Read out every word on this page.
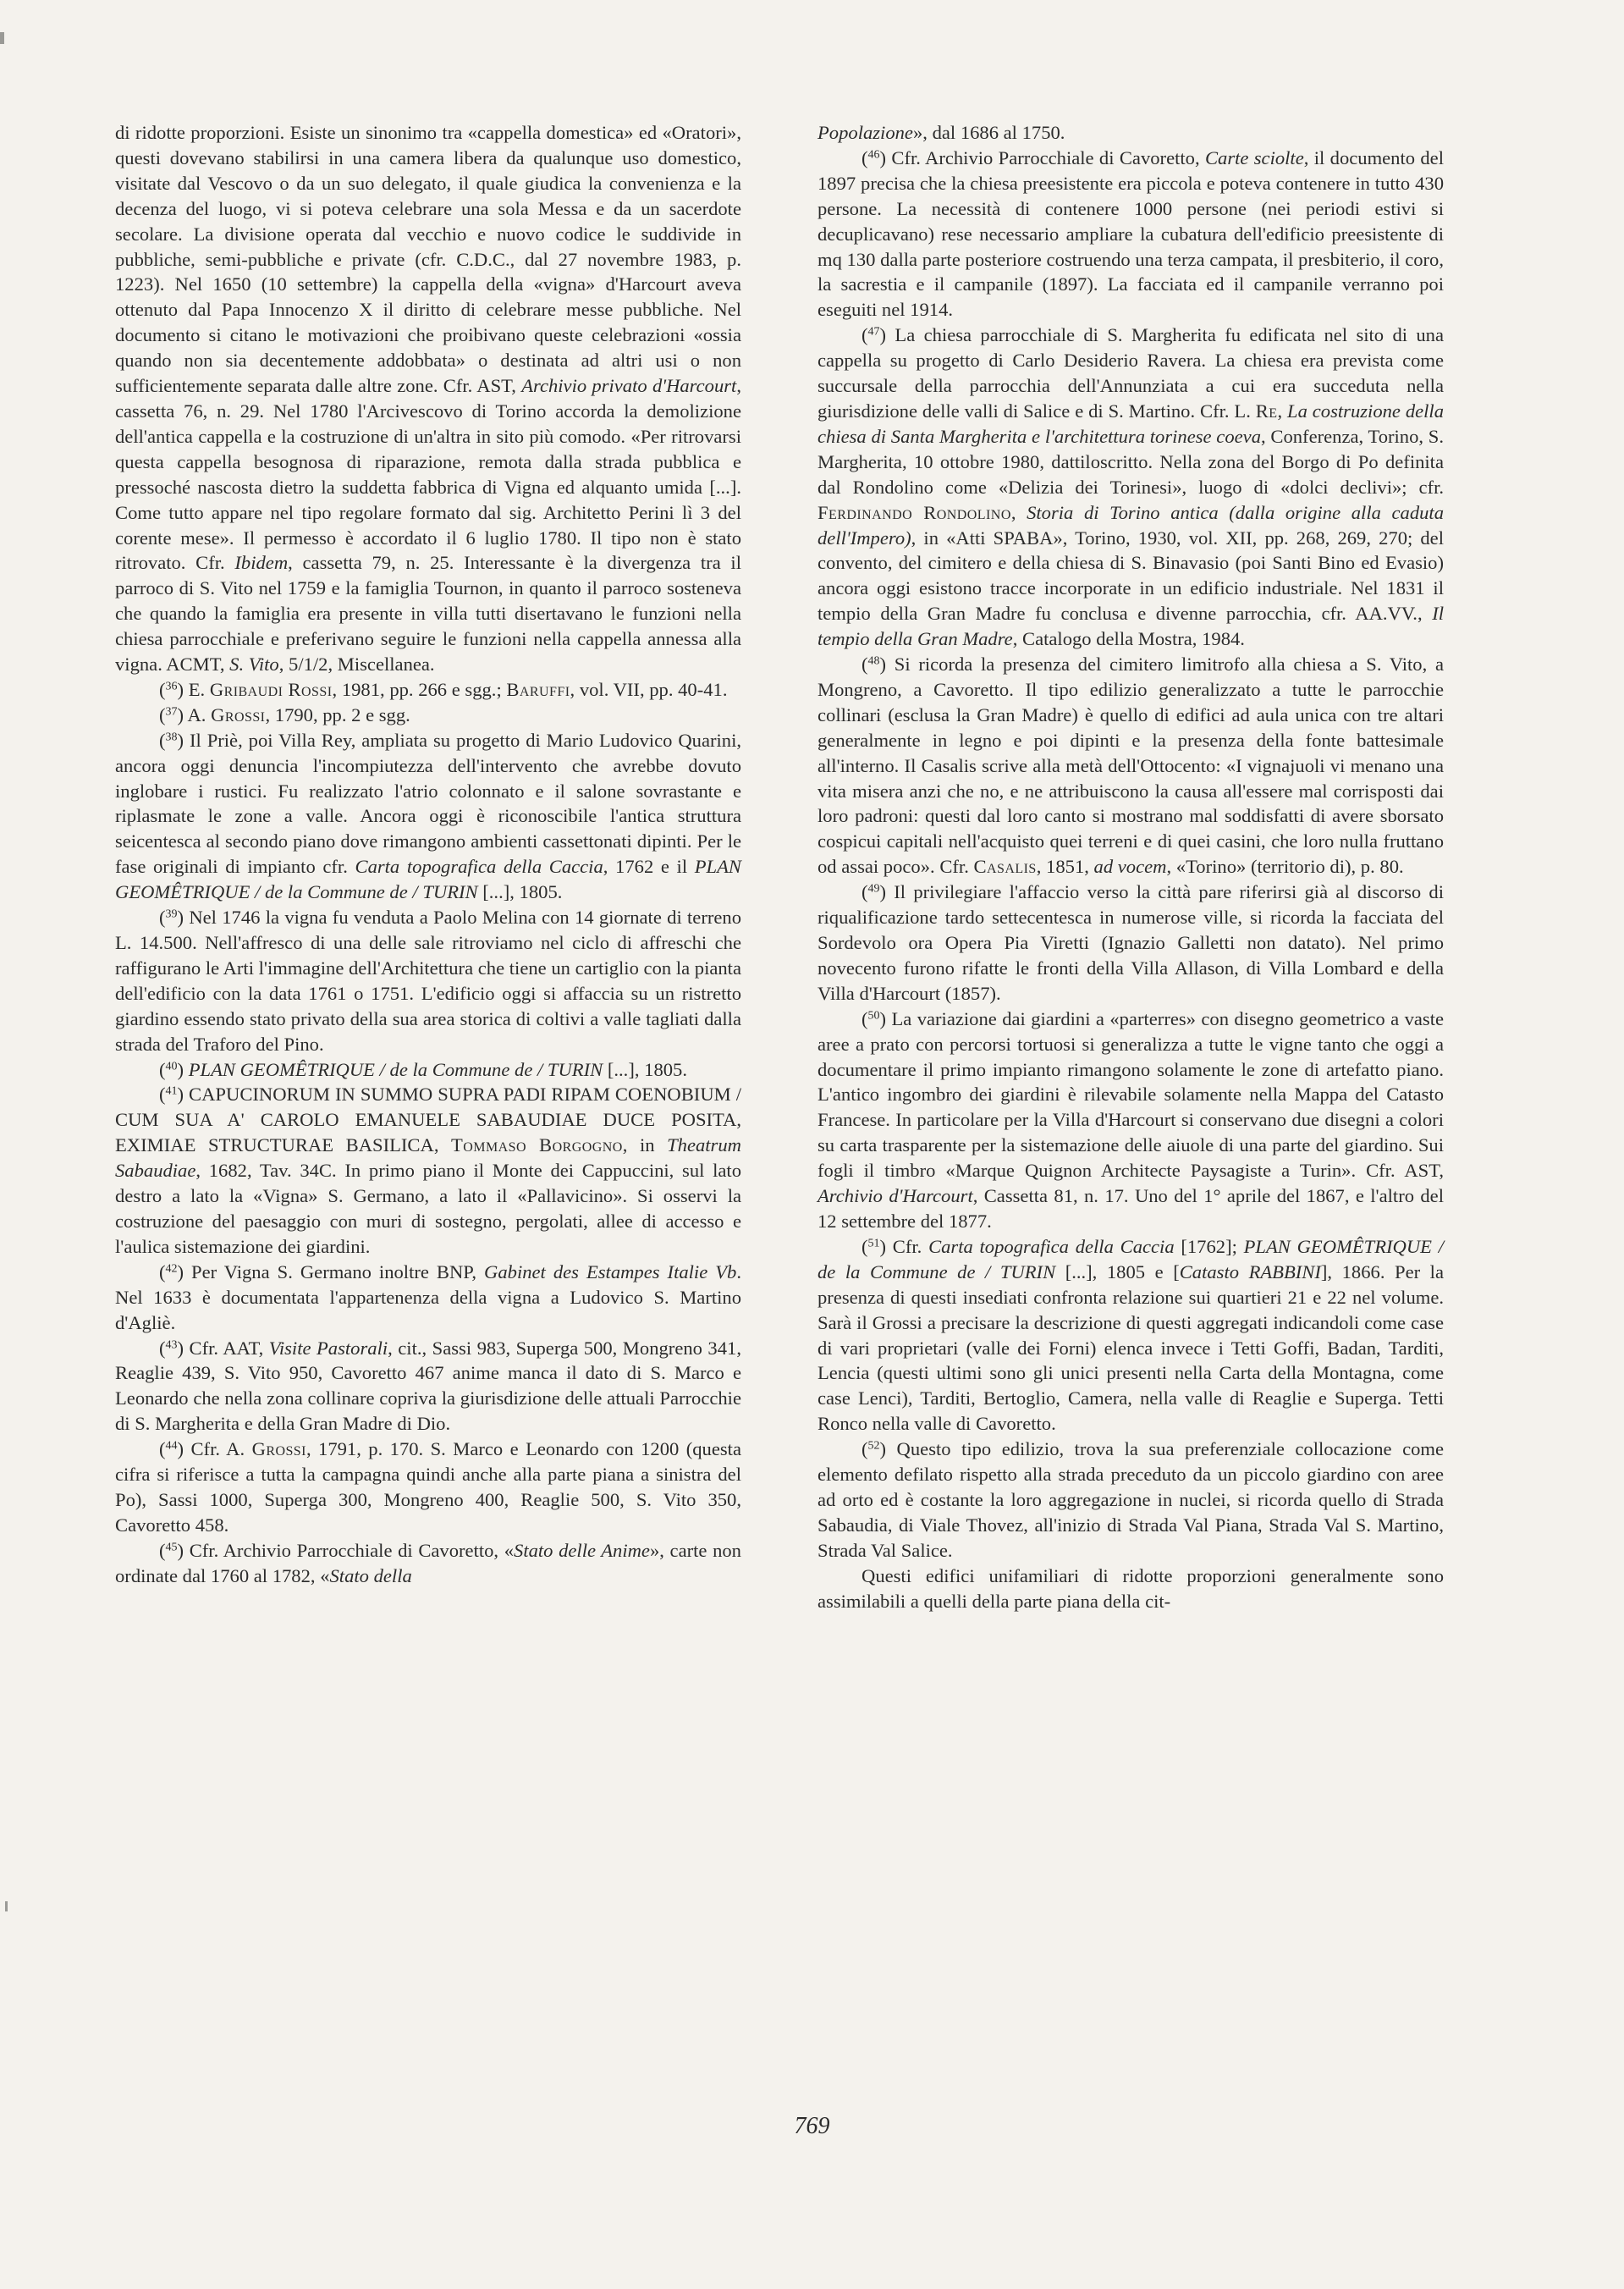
di ridotte proporzioni. Esiste un sinonimo tra «cappella domestica» ed «Oratori», questi dovevano stabilirsi in una camera libera da qualunque uso domestico, visitate dal Vescovo o da un suo delegato, il quale giudica la convenienza e la decenza del luogo, vi si poteva celebrare una sola Messa e da un sacerdote secolare. La divisione operata dal vecchio e nuovo codice le suddivide in pubbliche, semi-pubbliche e private (cfr. C.D.C., dal 27 novembre 1983, p. 1223). Nel 1650 (10 settembre) la cappella della «vigna» d'Harcourt aveva ottenuto dal Papa Innocenzo X il diritto di celebrare messe pubbliche. Nel documento si citano le motivazioni che proibivano queste celebrazioni «ossia quando non sia decentemente addobbata» o destinata ad altri usi o non sufficientemente separata dalle altre zone. Cfr. AST, Archivio privato d'Harcourt, cassetta 76, n. 29. Nel 1780 l'Arcivescovo di Torino accorda la demolizione dell'antica cappella e la costruzione di un'altra in sito più comodo. «Per ritrovarsi questa cappella besognosa di riparazione, remota dalla strada pubblica e pressoché nascosta dietro la suddetta fabbrica di Vigna ed alquanto umida [...]. Come tutto appare nel tipo regolare formato dal sig. Architetto Perini lì 3 del corente mese». Il permesso è accordato il 6 luglio 1780. Il tipo non è stato ritrovato. Cfr. Ibidem, cassetta 79, n. 25. Interessante è la divergenza tra il parroco di S. Vito nel 1759 e la famiglia Tournon, in quanto il parroco sosteneva che quando la famiglia era presente in villa tutti disertavano le funzioni nella chiesa parrocchiale e preferivano seguire le funzioni nella cappella annessa alla vigna. ACMT, S. Vito, 5/1/2, Miscellanea.

($^{36}$) E. Gribaudi Rossi, 1981, pp. 266 e sgg.; Baruffi, vol. VII, pp. 40-41.

($^{37}$) A. Grossi, 1790, pp. 2 e sgg.

($^{38}$) Il Priè, poi Villa Rey, ampliata su progetto di Mario Ludovico Quarini, ancora oggi denuncia l'incompiutezza dell'intervento che avrebbe dovuto inglobare i rustici. Fu realizzato l'atrio colonnato e il salone sovrastante e riplasmate le zone a valle. Ancora oggi è riconoscibile l'antica struttura seicentesca al secondo piano dove rimangono ambienti cassettonati dipinti. Per le fase originali di impianto cfr. Carta topografica della Caccia, 1762 e il PLAN GEOMÊTRIQUE / de la Commune de / TURIN [...], 1805.

($^{39}$) Nel 1746 la vigna fu venduta a Paolo Melina con 14 giornate di terreno L. 14.500. Nell'affresco di una delle sale ritroviamo nel ciclo di affreschi che raffigurano le Arti l'immagine dell'Architettura che tiene un cartiglio con la pianta dell'edificio con la data 1761 o 1751. L'edificio oggi si affaccia su un ristretto giardino essendo stato privato della sua area storica di coltivi a valle tagliati dalla strada del Traforo del Pino.

($^{40}$) PLAN GEOMÊTRIQUE / de la Commune de / TURIN [...], 1805.

($^{41}$) CAPUCINORUM IN SUMMO SUPRA PADI RIPAM COENOBIUM / CUM SUA A' CAROLO EMANUELE SABAUDIAE DUCE POSITA, EXIMIAE STRUCTURAE BASILICA, Tommaso Borgogno, in Theatrum Sabaudiae, 1682, Tav. 34C. In primo piano il Monte dei Cappuccini, sul lato destro a lato la «Vigna» S. Germano, a lato il «Pallavicino». Si osservi la costruzione del paesaggio con muri di sostegno, pergolati, allee di accesso e l'aulica sistemazione dei giardini.

($^{42}$) Per Vigna S. Germano inoltre BNP, Gabinet des Estampes Italie Vb. Nel 1633 è documentata l'appartenenza della vigna a Ludovico S. Martino d'Agliè.

($^{43}$) Cfr. AAT, Visite Pastorali, cit., Sassi 983, Superga 500, Mongreno 341, Reaglie 439, S. Vito 950, Cavoretto 467 anime manca il dato di S. Marco e Leonardo che nella zona collinare copriva la giurisdizione delle attuali Parrocchie di S. Margherita e della Gran Madre di Dio.

($^{44}$) Cfr. A. Grossi, 1791, p. 170. S. Marco e Leonardo con 1200 (questa cifra si riferisce a tutta la campagna quindi anche alla parte piana a sinistra del Po), Sassi 1000, Superga 300, Mongreno 400, Reaglie 500, S. Vito 350, Cavoretto 458.

($^{45}$) Cfr. Archivio Parrocchiale di Cavoretto, «Stato delle Anime», carte non ordinate dal 1760 al 1782, «Stato della

Popolazione», dal 1686 al 1750.

($^{46}$) Cfr. Archivio Parrocchiale di Cavoretto, Carte sciolte, il documento del 1897 precisa che la chiesa preesistente era piccola e poteva contenere in tutto 430 persone. La necessità di contenere 1000 persone (nei periodi estivi si decuplicavano) rese necessario ampliare la cubatura dell'edificio preesistente di mq 130 dalla parte posteriore costruendo una terza campata, il presbiterio, il coro, la sacrestia e il campanile (1897). La facciata ed il campanile verranno poi eseguiti nel 1914.

($^{47}$) La chiesa parrocchiale di S. Margherita fu edificata nel sito di una cappella su progetto di Carlo Desiderio Ravera. La chiesa era prevista come succursale della parrocchia dell'Annunziata a cui era succeduta nella giurisdizione delle valli di Salice e di S. Martino. Cfr. L. Re, La costruzione della chiesa di Santa Margherita e l'architettura torinese coeva, Conferenza, Torino, S. Margherita, 10 ottobre 1980, dattiloscritto. Nella zona del Borgo di Po definita dal Rondolino come «Delizia dei Torinesi», luogo di «dolci declivi»; cfr. Ferdinando Rondolino, Storia di Torino antica (dalla origine alla caduta dell'Impero), in «Atti SPABA», Torino, 1930, vol. XII, pp. 268, 269, 270; del convento, del cimitero e della chiesa di S. Binavasio (poi Santi Bino ed Evasio) ancora oggi esistono tracce incorporate in un edificio industriale. Nel 1831 il tempio della Gran Madre fu conclusa e divenne parrocchia, cfr. AA.VV., Il tempio della Gran Madre, Catalogo della Mostra, 1984.

($^{48}$) Si ricorda la presenza del cimitero limitrofo alla chiesa a S. Vito, a Mongreno, a Cavoretto. Il tipo edilizio generalizzato a tutte le parrocchie collinari (esclusa la Gran Madre) è quello di edifici ad aula unica con tre altari generalmente in legno e poi dipinti e la presenza della fonte battesimale all'interno. Il Casalis scrive alla metà dell'Ottocento: «I vignajuoli vi menano una vita misera anzi che no, e ne attribuiscono la causa all'essere mal corrisposti dai loro padroni: questi dal loro canto si mostrano mal soddisfatti di avere sborsato cospicui capitali nell'acquisto quei terreni e di quei casini, che loro nulla fruttano od assai poco». Cfr. Casalis, 1851, ad vocem, «Torino» (territorio di), p. 80.

($^{49}$) Il privilegiare l'affaccio verso la città pare riferirsi già al discorso di riqualificazione tardo settecentesca in numerose ville, si ricorda la facciata del Sordevolo ora Opera Pia Viretti (Ignazio Galletti non datato). Nel primo novecento furono rifatte le fronti della Villa Allason, di Villa Lombard e della Villa d'Harcourt (1857).

($^{50}$) La variazione dai giardini a «parterres» con disegno geometrico a vaste aree a prato con percorsi tortuosi si generalizza a tutte le vigne tanto che oggi a documentare il primo impianto rimangono solamente le zone di artefatto piano. L'antico ingombro dei giardini è rilevabile solamente nella Mappa del Catasto Francese. In particolare per la Villa d'Harcourt si conservano due disegni a colori su carta trasparente per la sistemazione delle aiuole di una parte del giardino. Sui fogli il timbro «Marque Quignon Architecte Paysagiste a Turin». Cfr. AST, Archivio d'Harcourt, Cassetta 81, n. 17. Uno del 1° aprile del 1867, e l'altro del 12 settembre del 1877.

($^{51}$) Cfr. Carta topografica della Caccia [1762]; PLAN GEOMÊTRIQUE / de la Commune de / TURIN [...], 1805 e [Catasto RABBINI], 1866. Per la presenza di questi insediati confronta relazione sui quartieri 21 e 22 nel volume. Sarà il Grossi a precisare la descrizione di questi aggregati indicandoli come case di vari proprietari (valle dei Forni) elenca invece i Tetti Goffi, Badan, Tarditi, Lencia (questi ultimi sono gli unici presenti nella Carta della Montagna, come case Lenci), Tarditi, Bertoglio, Camera, nella valle di Reaglie e Superga. Tetti Ronco nella valle di Cavoretto.

($^{52}$) Questo tipo edilizio, trova la sua preferenziale collocazione come elemento defilato rispetto alla strada preceduto da un piccolo giardino con aree ad orto ed è costante la loro aggregazione in nuclei, si ricorda quello di Strada Sabaudia, di Viale Thovez, all'inizio di Strada Val Piana, Strada Val S. Martino, Strada Val Salice.

Questi edifici unifamiliari di ridotte proporzioni generalmente sono assimilabili a quelli della parte piana della cit-

769
